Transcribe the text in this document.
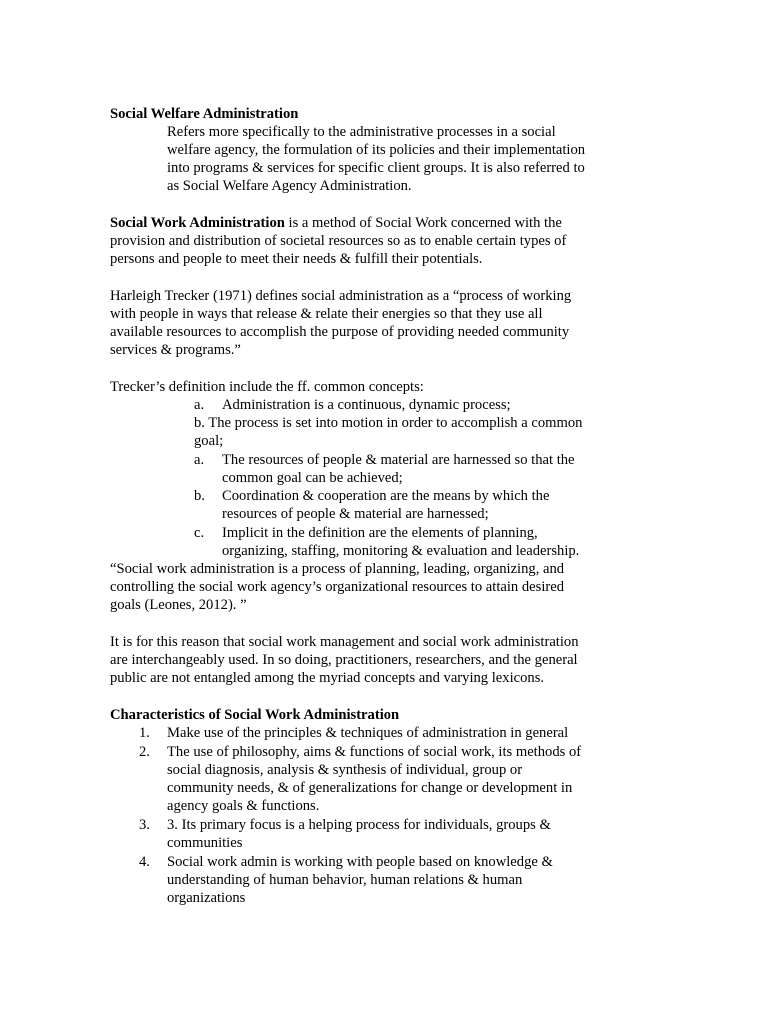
Social Welfare Administration
Refers more specifically to the administrative processes in a social
welfare agency, the formulation of its policies and their implementation
into programs & services for specific client groups. It is also referred to
as Social Welfare Agency Administration.
Social Work Administration is a method of Social Work concerned with the
provision and distribution of societal resources so as to enable certain types of
persons and people to meet their needs & fulfill their potentials.
Harleigh Trecker (1971) defines social administration as a “process of working
with people in ways that release & relate their energies so that they use all
available resources to accomplish the purpose of providing needed community
services & programs.”
Trecker’s definition include the ff. common concepts:
a. Administration is a continuous, dynamic process;
b. The process is set into motion in order to accomplish a common
goal;
a. The resources of people & material are harnessed so that the
common goal can be achieved;
b. Coordination & cooperation are the means by which the
resources of people & material are harnessed;
c. Implicit in the definition are the elements of planning,
organizing, staffing, monitoring & evaluation and leadership.
“Social work administration is a process of planning, leading, organizing, and
controlling the social work agency’s organizational resources to attain desired
goals (Leones, 2012). ”
It is for this reason that social work management and social work administration
are interchangeably used. In so doing, practitioners, researchers, and the general
public are not entangled among the myriad concepts and varying lexicons.
Characteristics of Social Work Administration
1. Make use of the principles & techniques of administration in general
2. The use of philosophy, aims & functions of social work, its methods of
social diagnosis, analysis & synthesis of individual, group or
community needs, & of generalizations for change or development in
agency goals & functions.
3. 3. Its primary focus is a helping process for individuals, groups &
communities
4. Social work admin is working with people based on knowledge &
understanding of human behavior, human relations & human
organizations
